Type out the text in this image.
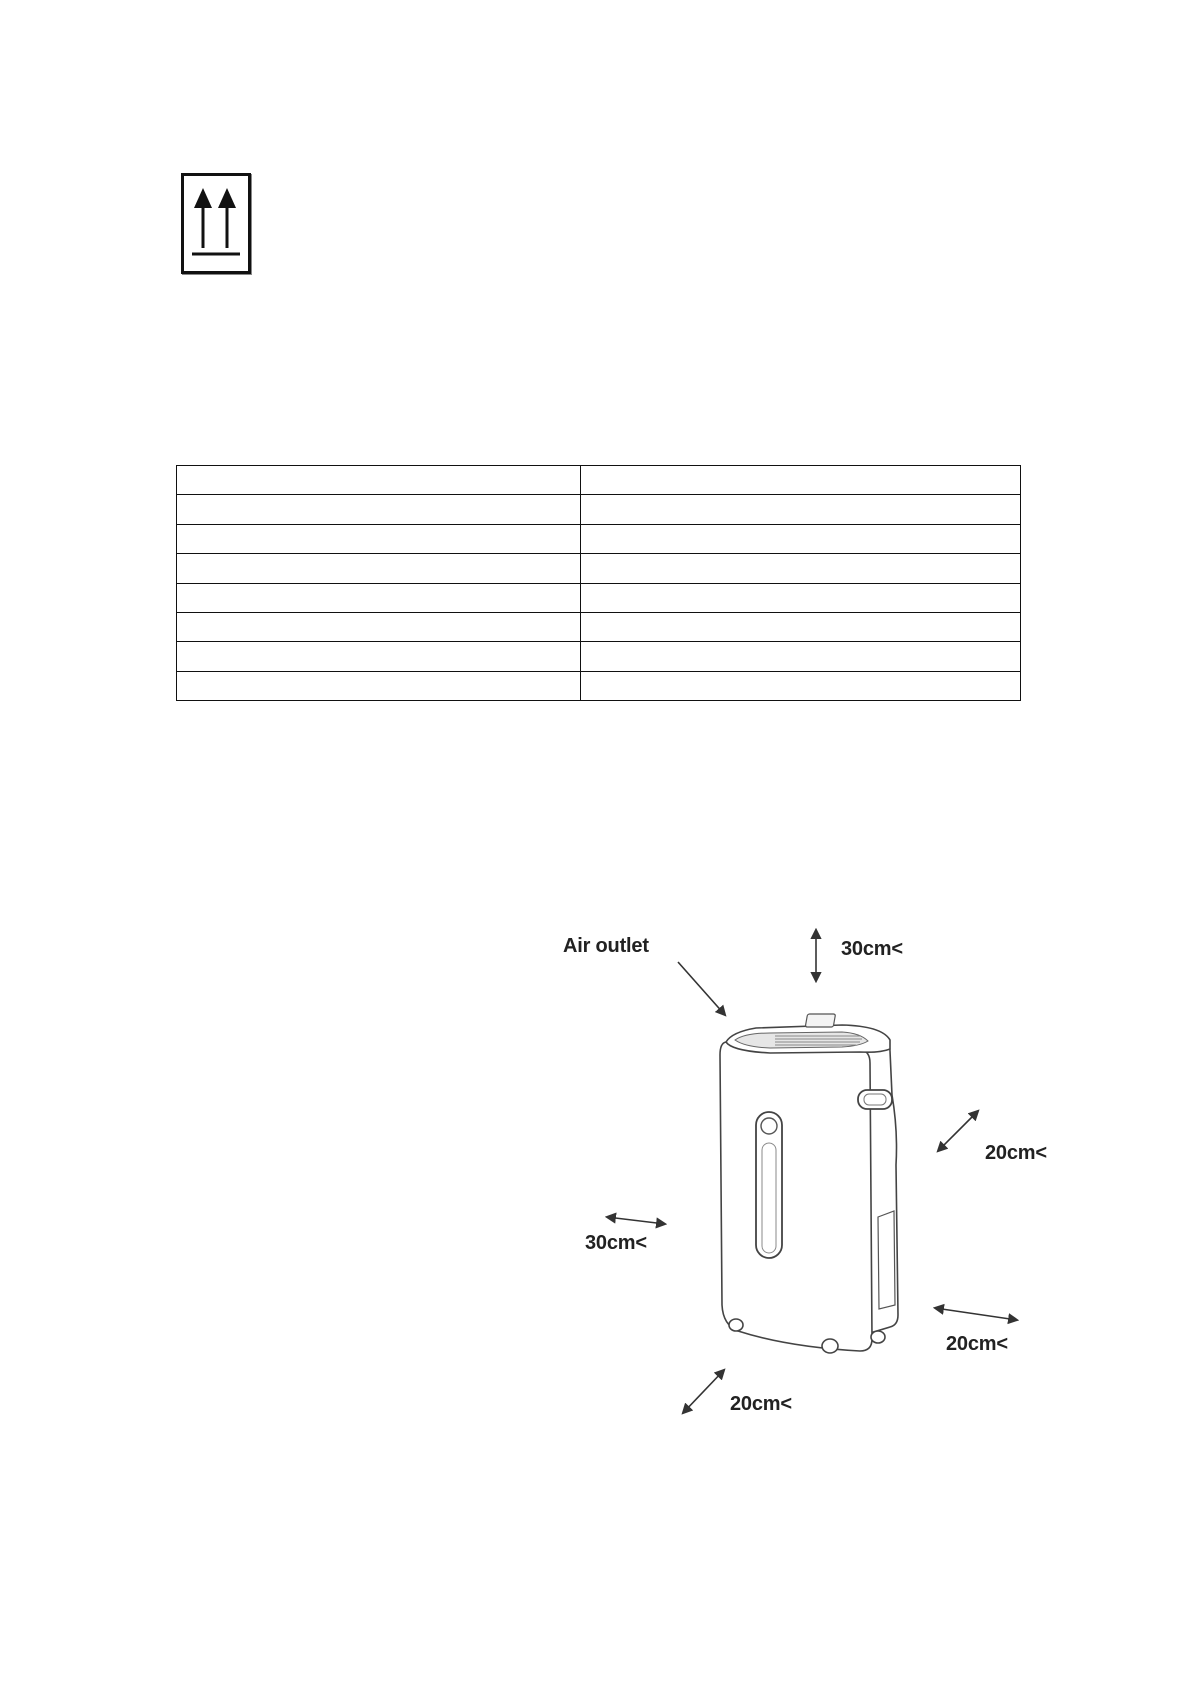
Air outlet	30cm<
20cm<
30cm<
20cm<
20cm<
